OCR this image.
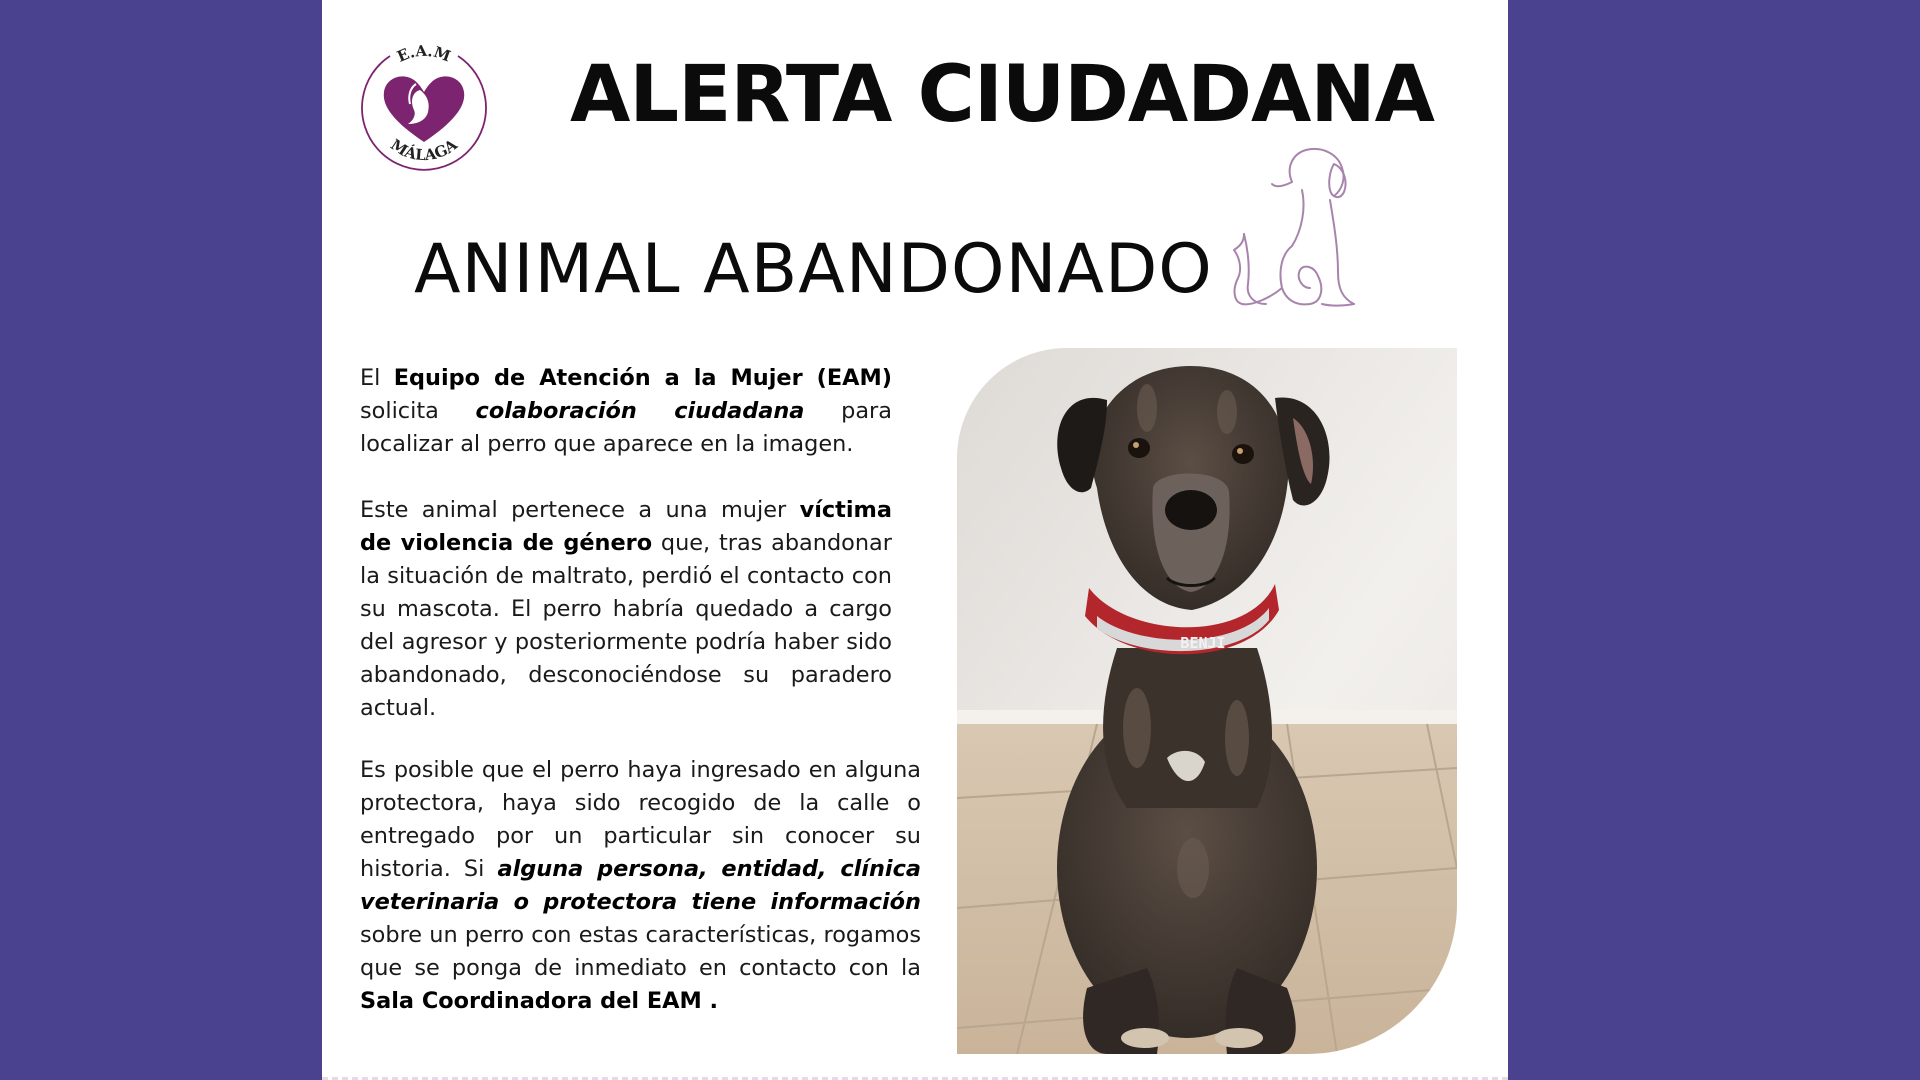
E.A.M
MÁLAGA
ALERTA CIUDADANA
ANIMAL ABANDONADO

El Equipo de Atención a la Mujer (EAM) solicita colaboración ciudadana para localizar al perro que aparece en la imagen.

Este animal pertenece a una mujer víctima de violencia de género que, tras abandonar la situación de maltrato, perdió el contacto con su mascota. El perro habría quedado a cargo del agresor y posteriormente podría haber sido abandonado, desconociéndose su paradero actual.

Es posible que el perro haya ingresado en alguna protectora, haya sido recogido de la calle o entregado por un particular sin conocer su historia. Si alguna persona, entidad, clínica veterinaria o protectora tiene información sobre un perro con estas características, rogamos que se ponga de inmediato en contacto con la Sala Coordinadora del EAM .

BENJI
